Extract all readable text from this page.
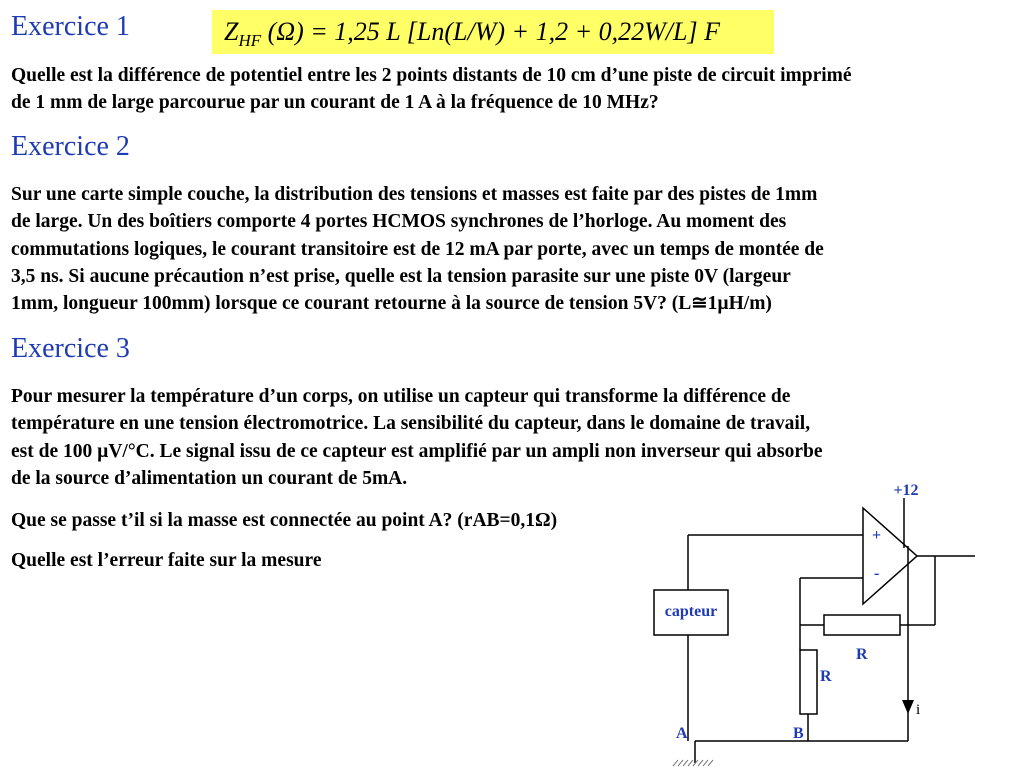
Exercice 1	$Z_{HF}$ (Ω) = 1,25 L [Ln(L/W) + 1,2 + 0,22W/L] F

Quelle est la différence de potentiel entre les 2 points distants de 10 cm d’une piste de circuit imprimé
de 1 mm de large parcourue par un courant de 1 A à la fréquence de 10 MHz?

Exercice 2

Sur une carte simple couche, la distribution des tensions et masses est faite par des pistes de 1mm
de large. Un des boîtiers comporte 4 portes HCMOS synchrones de l’horloge. Au moment des
commutations logiques, le courant transitoire est de 12 mA par porte, avec un temps de montée de
3,5 ns. Si aucune précaution n’est prise, quelle est la tension parasite sur une piste 0V (largeur
1mm, longueur 100mm) lorsque ce courant retourne à la source de tension 5V? (L≅1µH/m)

Exercice 3

Pour mesurer la température d’un corps, on utilise un capteur qui transforme la différence de
température en une tension électromotrice. La sensibilité du capteur, dans le domaine de travail,
est de 100 µV/°C. Le signal issu de ce capteur est amplifié par un ampli non inverseur qui absorbe
de la source d’alimentation un courant de 5mA.

Que se passe t’il si la masse est connectée au point A? (rAB=0,1Ω)

Quelle est l’erreur faite sur la mesure

+12
+
-
capteur
R
R
A	B
i
